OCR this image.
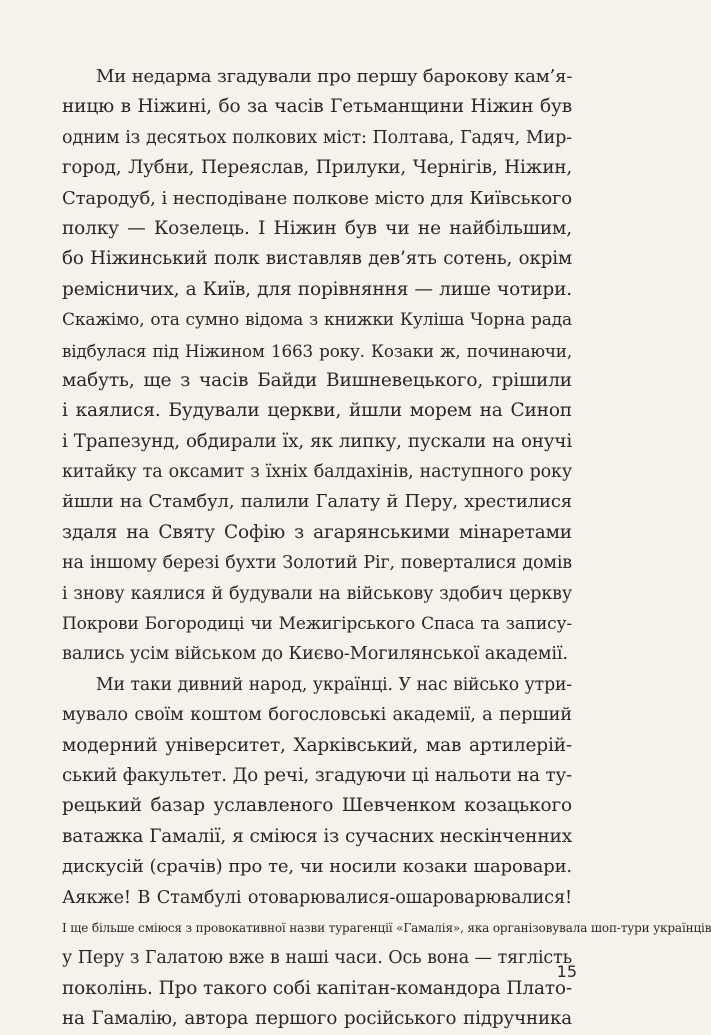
Ми недарма згадували про першу барокову кам’я-
ницю в Ніжині, бо за часів Гетьманщини Ніжин був
одним із десятьох полкових міст: Полтава, Гадяч, Мир-
город, Лубни, Переяслав, Прилуки, Чернігів, Ніжин,
Стародуб, і несподіване полкове місто для Київського
полку — Козелець. І Ніжин був чи не найбільшим,
бо Ніжинський полк виставляв дев’ять сотень, окрім
ремісничих, а Київ, для порівняння — лише чотири.
Скажімо, ота сумно відома з книжки Куліша Чорна рада
відбулася під Ніжином 1663 року. Козаки ж, починаючи,
мабуть, ще з часів Байди Вишневецького, грішили
і каялися. Будували церкви, йшли морем на Синоп
і Трапезунд, обдирали їх, як липку, пускали на онучі
китайку та оксамит з їхніх балдахінів, наступного року
йшли на Стамбул, палили Галату й Перу, хрестилися
здаля на Святу Софію з агарянськими мінаретами
на іншому березі бухти Золотий Ріг, поверталися домів
і знову каялися й будували на військову здобич церкву
Покрови Богородиці чи Межигірського Спаса та запису-
вались усім військом до Києво-Могилянської академії.
Ми таки дивний народ, українці. У нас військо утри-
мувало своїм коштом богословські академії, а перший
модерний університет, Харківський, мав артилерій-
ський факультет. До речі, згадуючи ці нальоти на ту-
рецький базар уславленого Шевченком козацького
ватажка Гамалії, я сміюся із сучасних нескінченних
дискусій (срачів) про те, чи носили козаки шаровари.
Аякже! В Стамбулі отоварювалися-ошароварювалися!
І ще більше сміюся з провокативної назви турагенції «Гамалія», яка організовувала шоп-тури українців
у Перу з Галатою вже в наші часи. Ось вона — тяглість
поколінь. Про такого собі капітан-командора Плато-
на Гамалію, автора першого російського підручника
15
